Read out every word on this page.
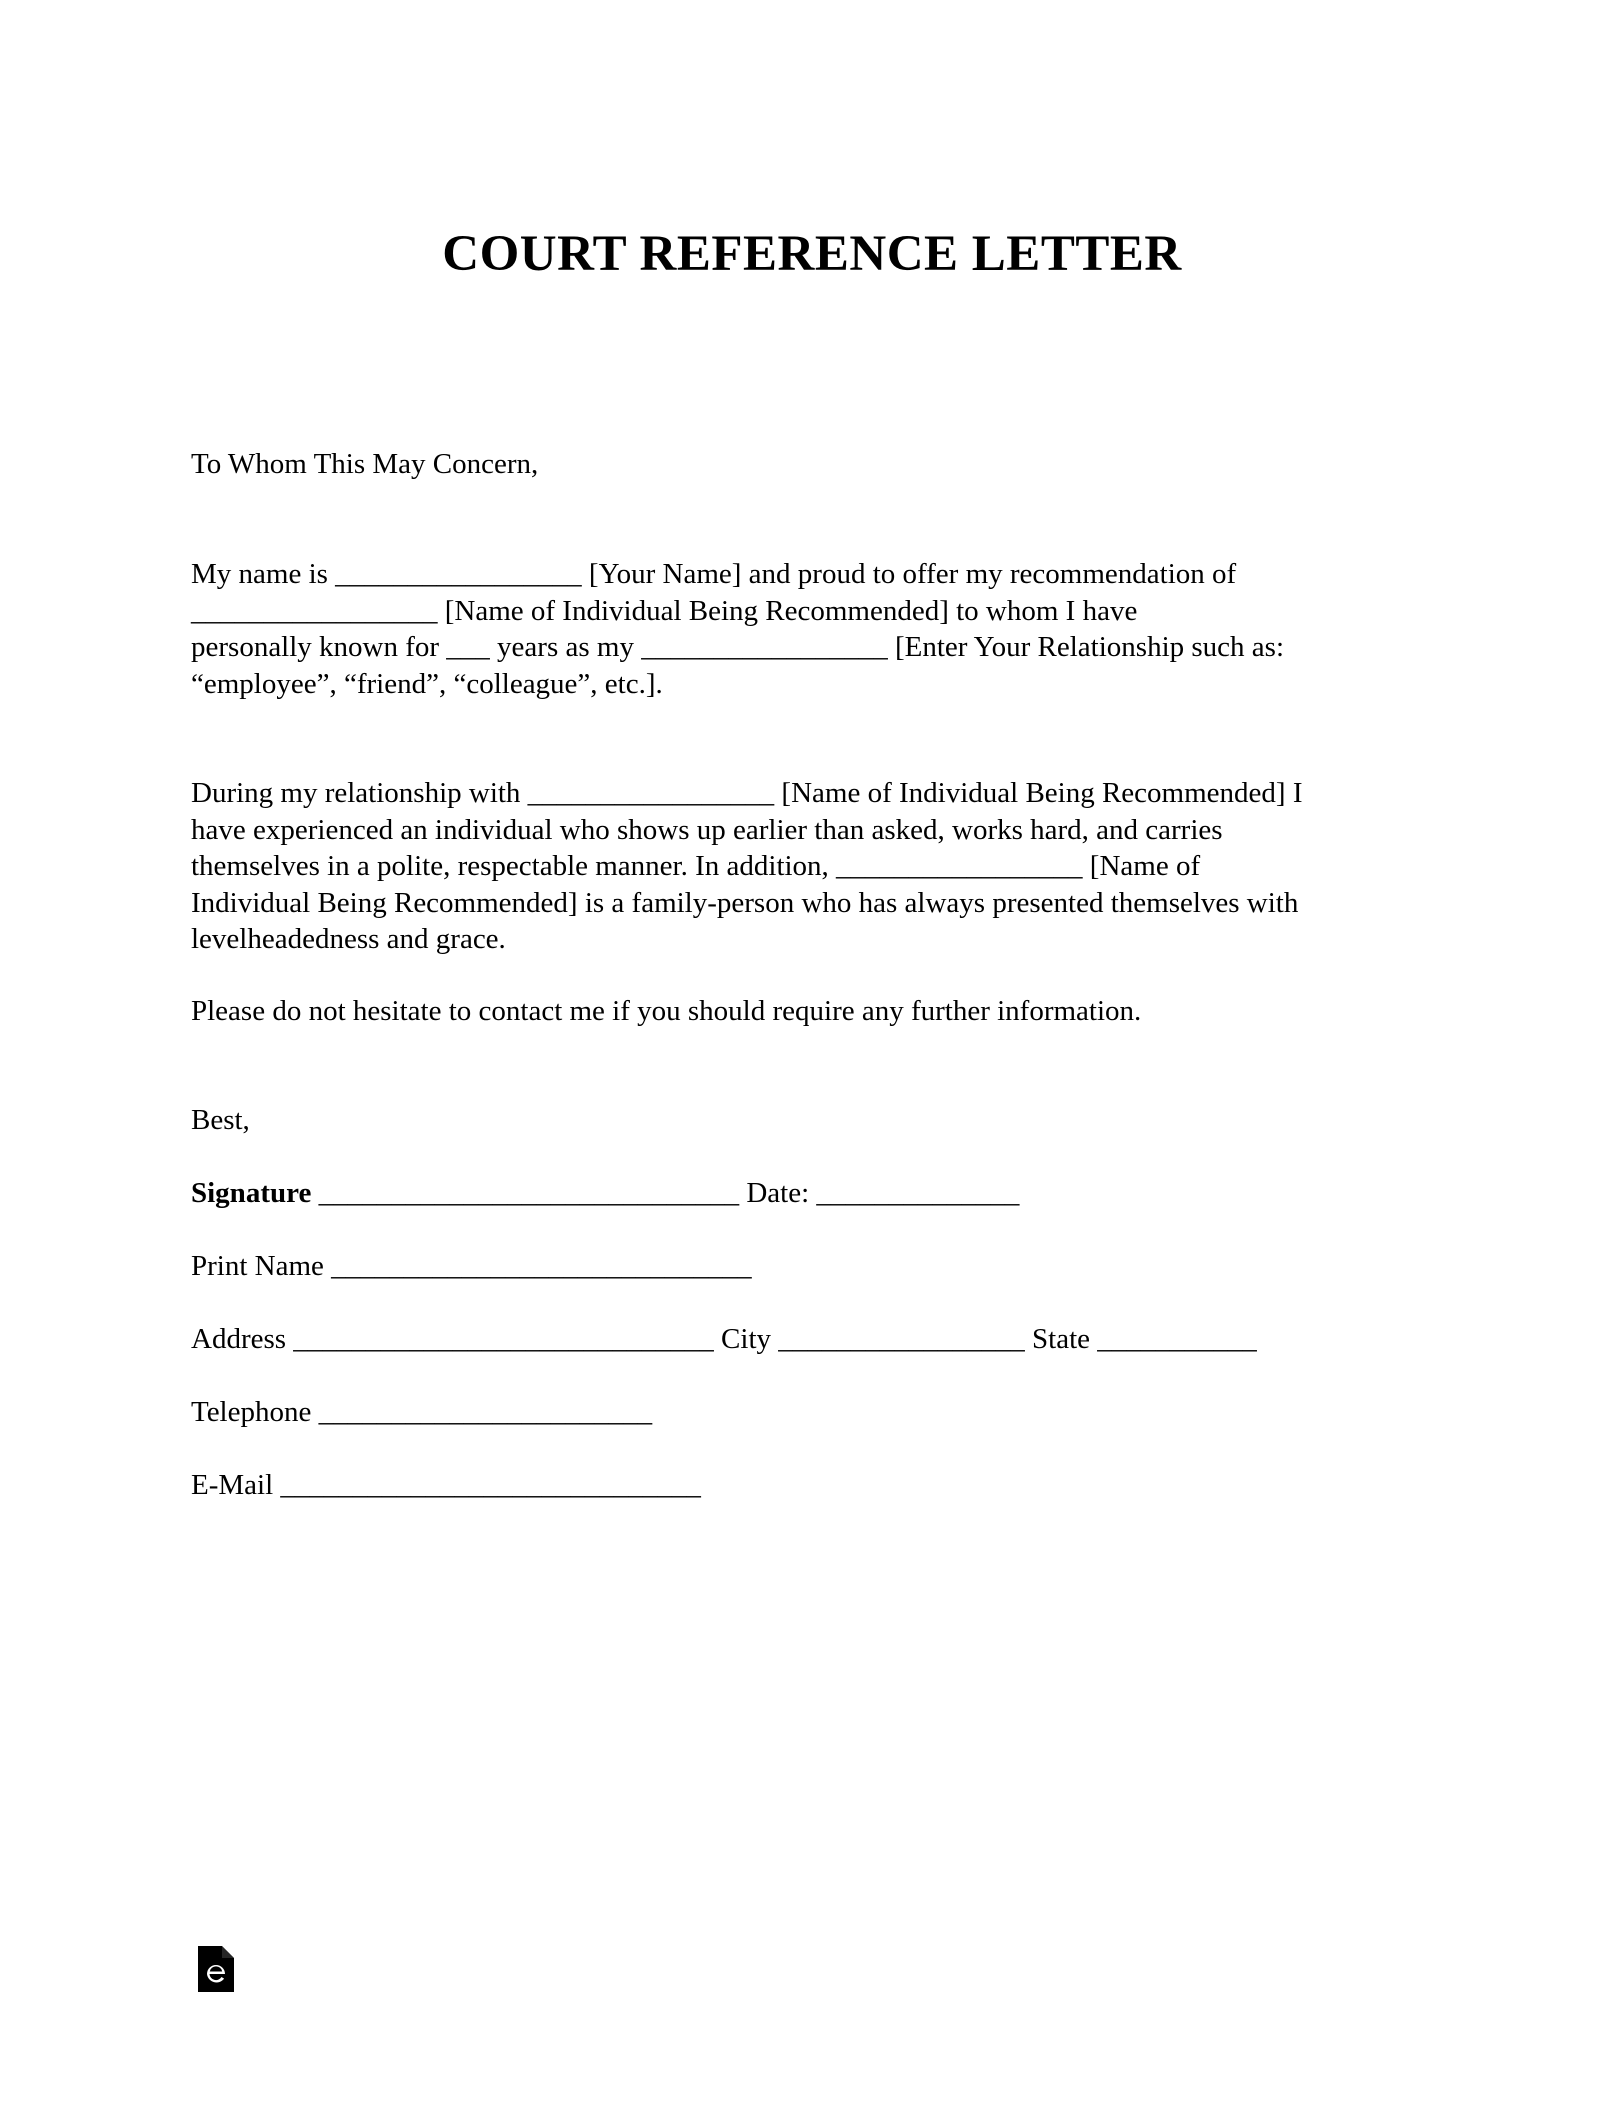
COURT REFERENCE LETTER
To Whom This May Concern,
My name is _________________ [Your Name] and proud to offer my recommendation of
_________________ [Name of Individual Being Recommended] to whom I have
personally known for ___ years as my _________________ [Enter Your Relationship such as:
“employee”, “friend”, “colleague”, etc.].
During my relationship with _________________ [Name of Individual Being Recommended] I
have experienced an individual who shows up earlier than asked, works hard, and carries
themselves in a polite, respectable manner. In addition, _________________ [Name of
Individual Being Recommended] is a family-person who has always presented themselves with
levelheadedness and grace.
Please do not hesitate to contact me if you should require any further information.
Best,
Signature _____________________________ Date: ______________
Print Name _____________________________
Address _____________________________ City _________________ State ___________
Telephone _______________________
E-Mail _____________________________
